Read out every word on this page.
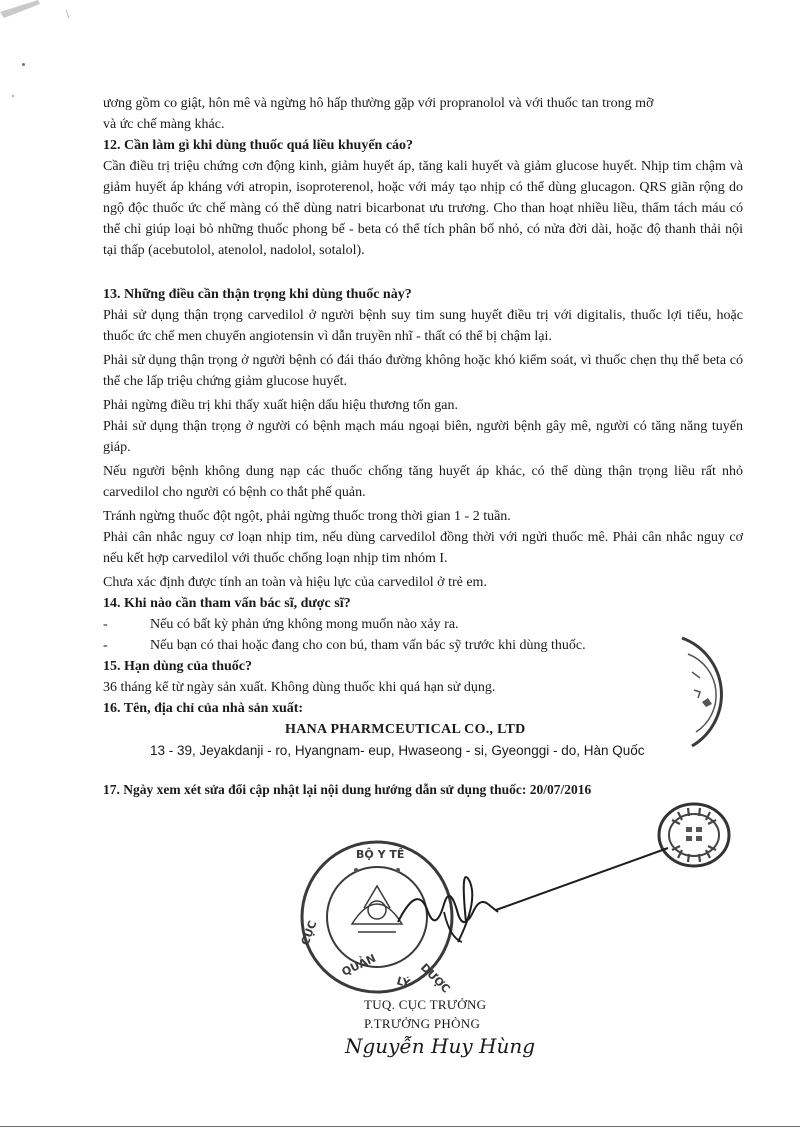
ương gồm co giật, hôn mê và ngừng hô hấp thường gặp với propranolol và với thuốc tan trong mỡ
và ức chế màng khác.
12. Cần làm gì khi dùng thuốc quá liều khuyến cáo?
Cần điều trị triệu chứng cơn động kinh, giảm huyết áp, tăng kali huyết và giảm glucose huyết. Nhịp tim chậm và giảm huyết áp kháng với atropin, isoproterenol, hoặc với máy tạo nhịp có thể dùng glucagon. QRS giãn rộng do ngộ độc thuốc ức chế màng có thể dùng natri bicarbonat ưu trương. Cho than hoạt nhiều liều, thẩm tách máu có thể chỉ giúp loại bỏ những thuốc phong bế - beta có thể tích phân bố nhỏ, có nửa đời dài, hoặc độ thanh thải nội tại thấp (acebutolol, atenolol, nadolol, sotalol).
13. Những điều cần thận trọng khi dùng thuốc này?
Phải sử dụng thận trọng carvedilol ở người bệnh suy tim sung huyết điều trị với digitalis, thuốc lợi tiểu, hoặc thuốc ức chế men chuyển angiotensin vì dẫn truyền nhĩ - thất có thể bị chậm lại.
Phải sử dụng thận trọng ở người bệnh có đái tháo đường không hoặc khó kiểm soát, vì thuốc chẹn thụ thể beta có thể che lấp triệu chứng giảm glucose huyết.
Phải ngừng điều trị khi thấy xuất hiện dấu hiệu thương tổn gan.
Phải sử dụng thận trọng ở người có bệnh mạch máu ngoại biên, người bệnh gây mê, người có tăng năng tuyến giáp.
Nếu người bệnh không dung nạp các thuốc chống tăng huyết áp khác, có thể dùng thận trọng liều rất nhỏ carvedilol cho người có bệnh co thắt phế quản.
Tránh ngừng thuốc đột ngột, phải ngừng thuốc trong thời gian 1 - 2 tuần.
Phải cân nhắc nguy cơ loạn nhịp tim, nếu dùng carvedilol đồng thời với ngửi thuốc mê. Phải cân nhắc nguy cơ nếu kết hợp carvedilol với thuốc chống loạn nhịp tim nhóm I.
Chưa xác định được tính an toàn và hiệu lực của carvedilol ở trẻ em.
14. Khi nào cần tham vấn bác sĩ, dược sĩ?
-	Nếu có bất kỳ phản ứng không mong muốn nào xảy ra.
-	Nếu bạn có thai hoặc đang cho con bú, tham vấn bác sỹ trước khi dùng thuốc.
15. Hạn dùng của thuốc?
36 tháng kể từ ngày sản xuất. Không dùng thuốc khi quá hạn sử dụng.
16. Tên, địa chỉ của nhà sản xuất:
HANA PHARMCEUTICAL CO., LTD
13 - 39, Jeyakdanji - ro, Hyangnam- eup, Hwaseong - si, Gyeonggi - do, Hàn Quốc
17. Ngày xem xét sửa đổi cập nhật lại nội dung hướng dẫn sử dụng thuốc: 20/07/2016
BỘ Y TẾ
CỤC
QUẢN
LÝ DƯỢC
TUQ. CỤC TRƯỞNG
P.TRƯỞNG PHÒNG
Nguyễn Huy Hùng
